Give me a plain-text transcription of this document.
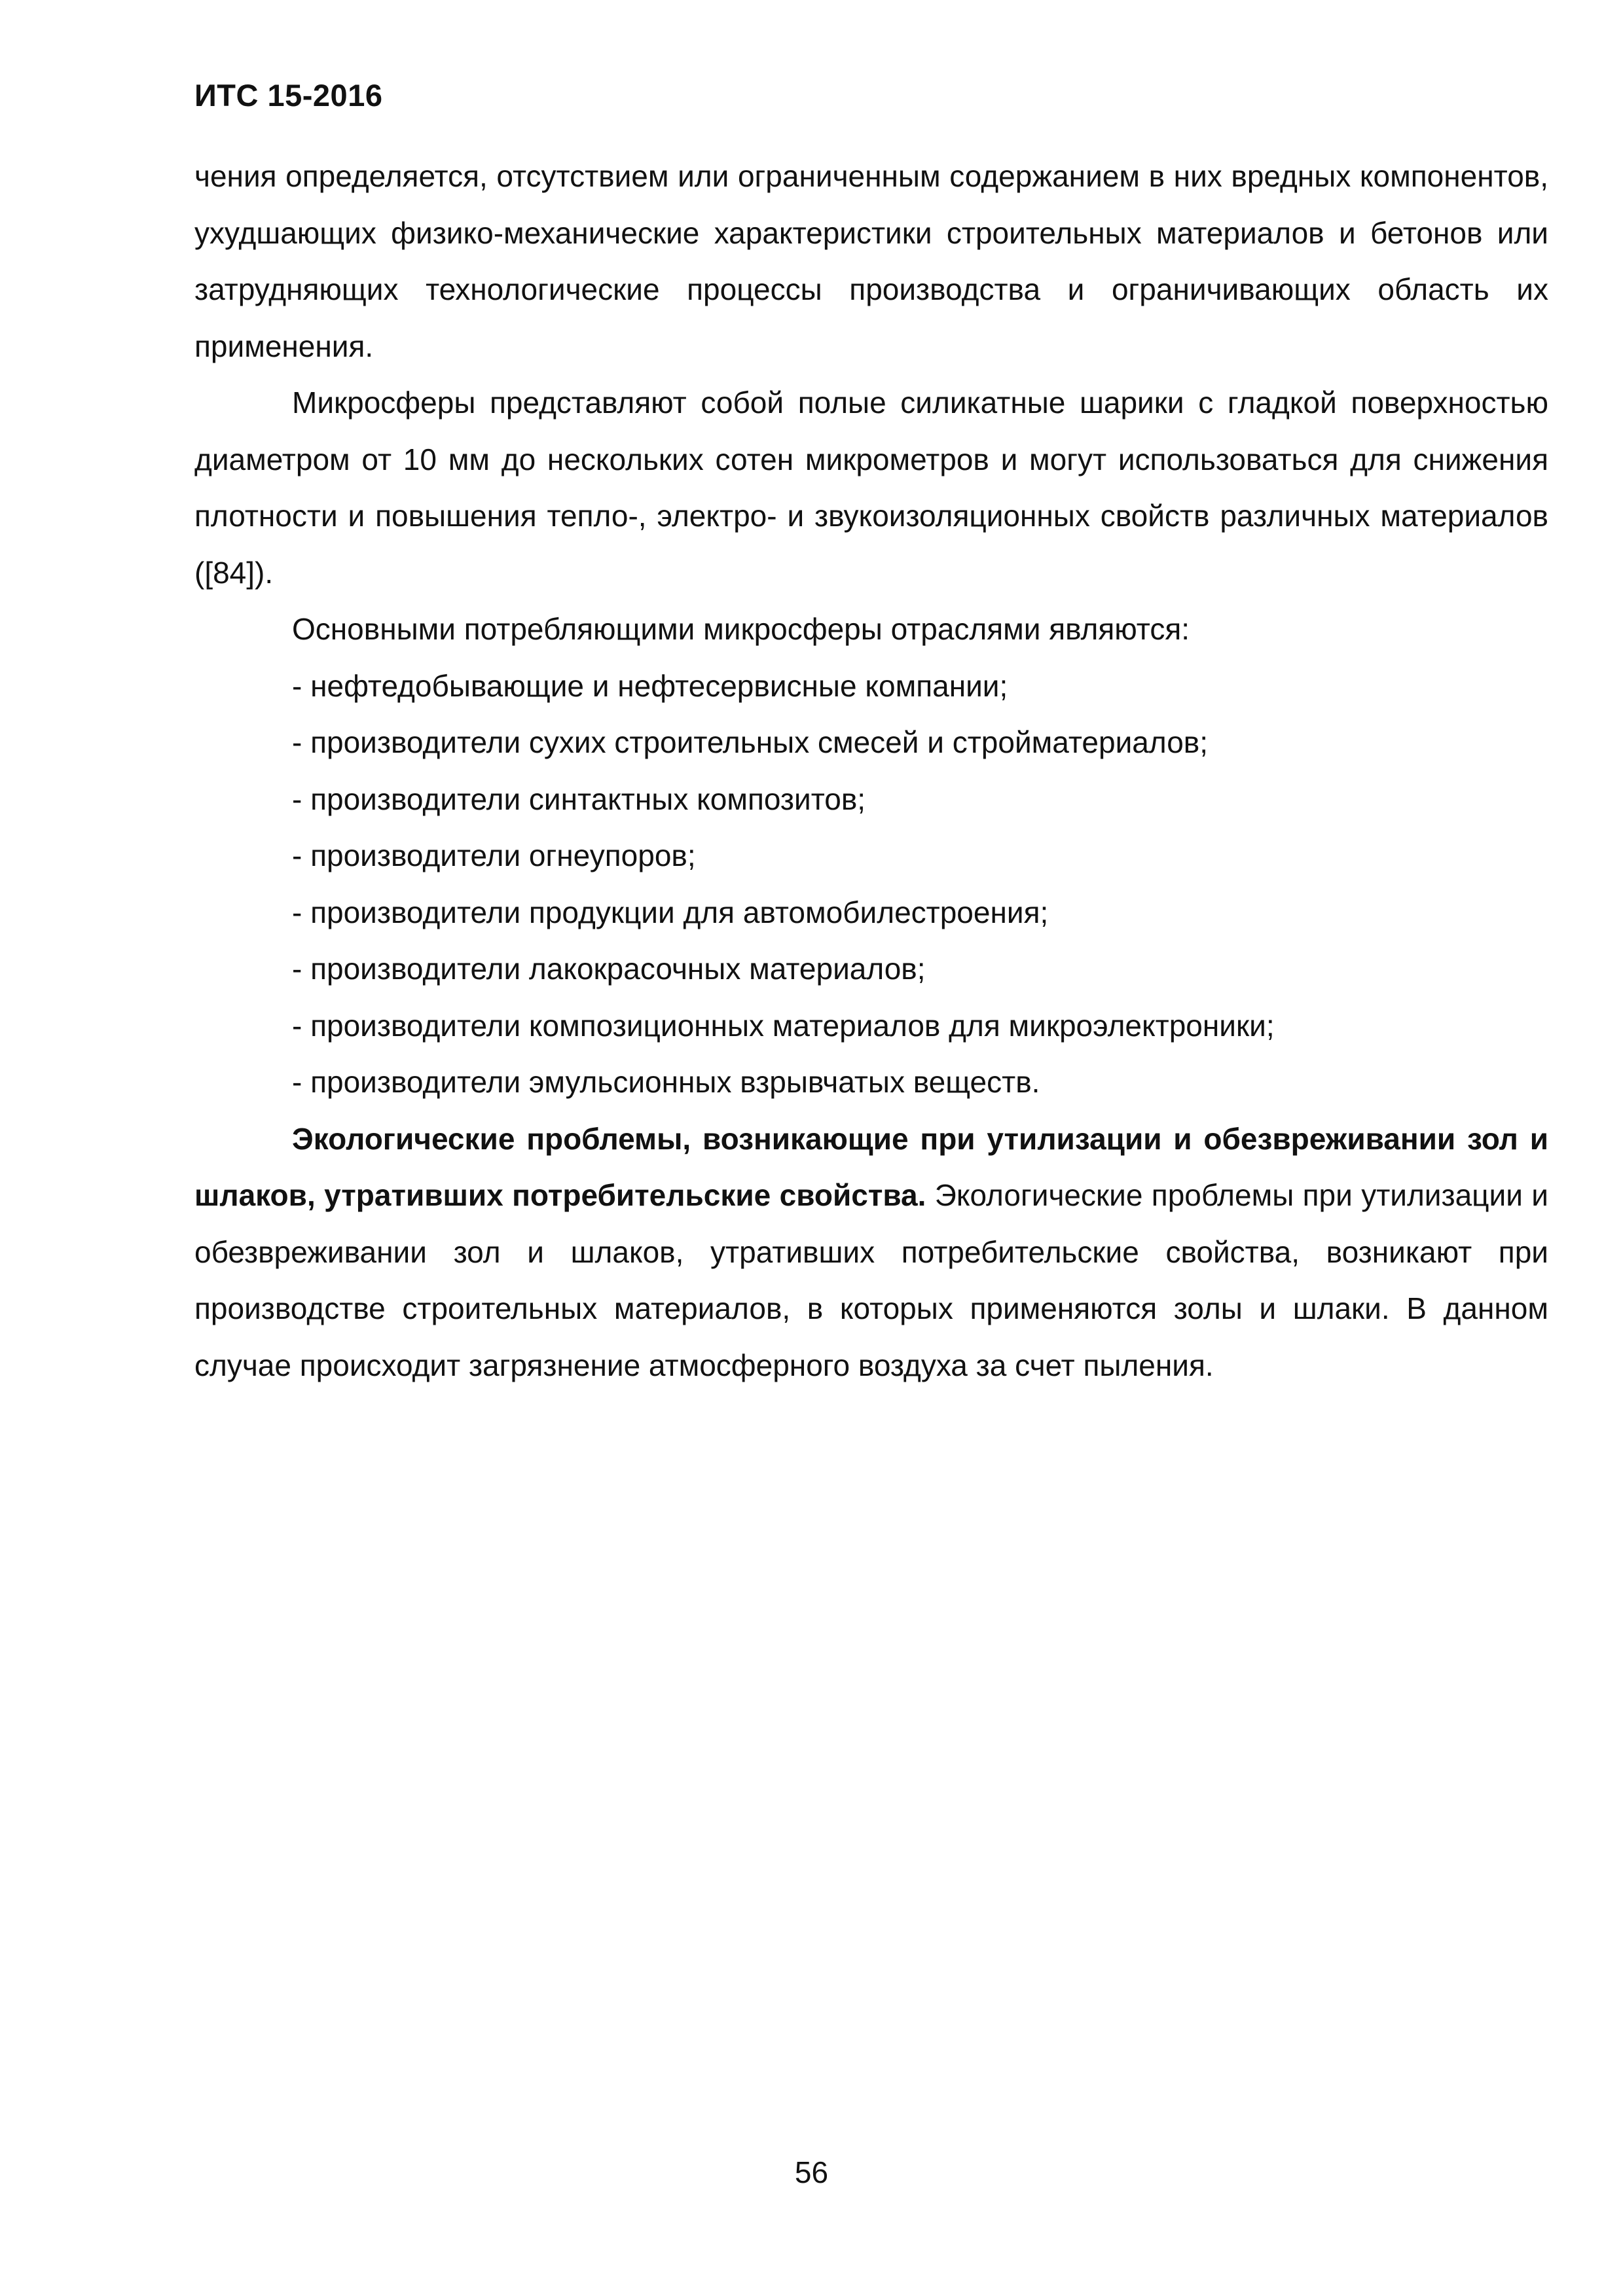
ИТС 15-2016

чения определяется, отсутствием или ограниченным содержанием в них вредных компонентов, ухудшающих физико-механические характеристики строительных материалов и бетонов или затрудняющих технологические процессы производства и ограничивающих область их применения.

Микросферы представляют собой полые силикатные шарики с гладкой поверхностью диаметром от 10 мм до нескольких сотен микрометров и могут использоваться для снижения плотности и повышения тепло-, электро- и звукоизоляционных свойств различных материалов ([84]).

Основными потребляющими микросферы отраслями являются:

- нефтедобывающие и нефтесервисные компании;
- производители сухих строительных смесей и стройматериалов;
- производители синтактных композитов;
- производители огнеупоров;
- производители продукции для автомобилестроения;
- производители лакокрасочных материалов;
- производители композиционных материалов для микроэлектроники;
- производители эмульсионных взрывчатых веществ.

Экологические проблемы, возникающие при утилизации и обезвреживании зол и шлаков, утративших потребительские свойства. Экологические проблемы при утилизации и обезвреживании зол и шлаков, утративших потребительские свойства, возникают при производстве строительных материалов, в которых применяются золы и шлаки. В данном случае происходит загрязнение атмосферного воздуха за счет пыления.

56
